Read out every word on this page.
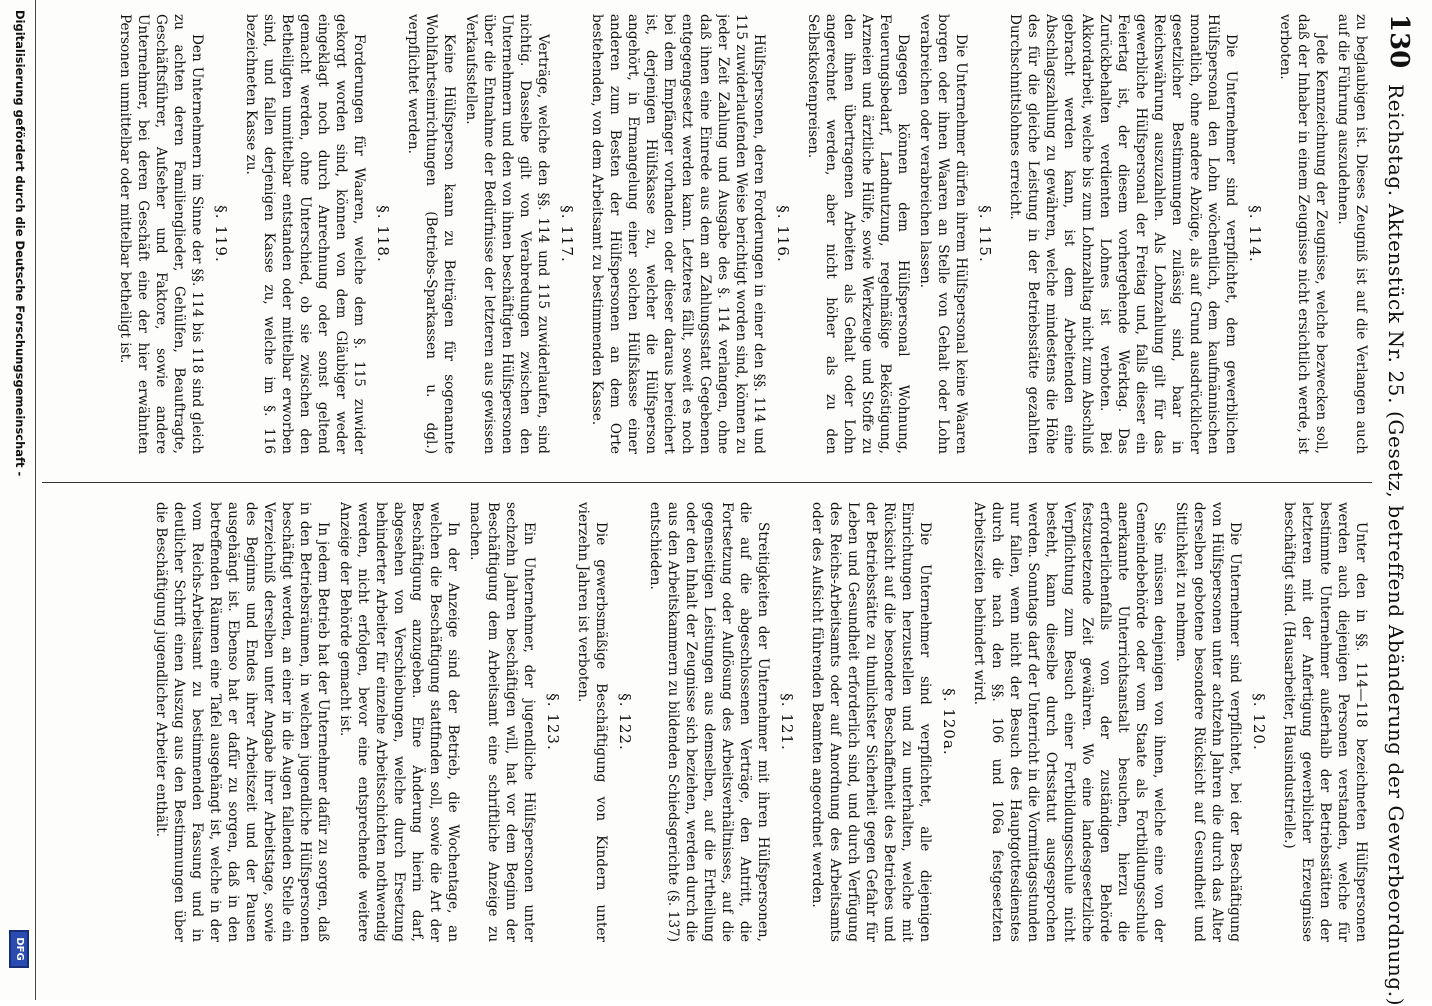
130
Reichstag. Aktenstück Nr. 25. (Gesetz, betreffend Abänderung der Gewerbeordnung.)

zu beglaubigen ist. Dieses Zeugniß ist auf die Verlangen auch auf die Führung auszudehnen.

Jede Kennzeichnung der Zeugnisse, welche bezwecken soll, daß der Inhaber in einem Zeugnisse nicht ersichtlich werde, ist verboten.

§. 114.

Die Unternehmer sind verpflichtet, dem gewerblichen Hülfspersonal den Lohn wöchentlich, dem kaufmännischen monatlich, ohne andere Abzüge, als auf Grund ausdrücklicher gesetzlicher Bestimmungen zulässig sind, baar in Reichswährung auszuzahlen. Als Lohnzahlung gilt für das gewerbliche Hülfspersonal der Freitag und, falls dieser ein Feiertag ist, der diesem vorhergehende Werktag. Das Zurückbehalten verdienten Lohnes ist verboten. Bei Akkordarbeit, welche bis zum Lohnzahltag nicht zum Abschluß gebracht werden kann, ist dem Arbeitenden eine Abschlagszahlung zu gewähren, welche mindestens die Höhe des für die gleiche Leistung in der Betriebsstätte gezahlten Durchschnittslohnes erreicht.

§. 115.

Die Unternehmer dürfen ihrem Hülfspersonal keine Waaren borgen oder ihnen Waaren an Stelle von Gehalt oder Lohn verabreichen oder verabreichen lassen.

Dagegen können dem Hülfspersonal Wohnung, Feuerungsbedarf, Landnutzung, regelmäßige Beköstigung, Arzneien und ärztliche Hülfe, sowie Werkzeuge und Stoffe zu den ihnen übertragenen Arbeiten als Gehalt oder Lohn angerechnet werden, aber nicht höher als zu den Selbstkostenpreisen.

§. 116.

Hülfspersonen, deren Forderungen in einer den §§. 114 und 115 zuwiderlaufenden Weise berichtigt worden sind, können zu jeder Zeit Zahlung und Ausgabe des §. 114 verlangen, ohne daß ihnen eine Einrede aus dem an Zahlungsstatt Gegebenen entgegengesetzt werden kann. Letzteres fällt, soweit es noch bei dem Empfänger vorhanden oder dieser daraus bereichert ist, derjenigen Hülfskasse zu, welcher die Hülfsperson angehört, in Ermangelung einer solchen Hülfskasse einer anderen zum Besten der Hülfspersonen an dem Orte bestehenden, von dem Arbeitsamt zu bestimmenden Kasse.

§. 117.

Verträge, welche den §§. 114 und 115 zuwiderlaufen, sind nichtig. Dasselbe gilt von Verabredungen zwischen den Unternehmern und den von ihnen beschäftigten Hülfspersonen über die Entnahme der Bedürfnisse der letzteren aus gewissen Verkaufsstellen.

Keine Hülfsperson kann zu Beiträgen für sogenannte Wohlfahrtseinrichtungen (Betriebs-Sparkassen u. dgl.) verpflichtet werden.

§. 118.

Forderungen für Waaren, welche dem §. 115 zuwider gekorgt worden sind, können von dem Gläubiger weder eingeklagt noch durch Anrechnung oder sonst geltend gemacht werden, ohne Unterschied, ob sie zwischen den Betheiligten unmittelbar entstanden oder mittelbar erworben sind, und fallen derjenigen Kasse zu, welche im §. 116 bezeichneten Kasse zu.

§. 119.

Den Unternehmern im Sinne der §§. 114 bis 118 sind gleich zu achten deren Familienglieder, Gehülfen, Beauftragte, Geschäftsführer, Aufseher und Faktore, sowie andere Unternehmer, bei deren Geschäft eine der hier erwähnten Personen unmittelbar oder mittelbar betheiligt ist.

Unter den in §§. 114—118 bezeichneten Hülfspersonen werden auch diejenigen Personen verstanden, welche für bestimmte Unternehmer außerhalb der Betriebsstätten der letzteren mit der Anfertigung gewerblicher Erzeugnisse beschäftigt sind. (Hausarbeiter, Hausindustrielle.)

§. 120.

Die Unternehmer sind verpflichtet, bei der Beschäftigung von Hülfspersonen unter achtzehn Jahren die durch das Alter derselben gebotene besondere Rücksicht auf Gesundheit und Sittlichkeit zu nehmen.

Sie müssen denjenigen von ihnen, welche eine von der Gemeindebehörde oder vom Staate als Fortbildungsschule anerkannte Unterrichtsanstalt besuchen, hierzu die erforderlichenfalls von der zuständigen Behörde festzusetzende Zeit gewähren. Wo eine landesgesetzliche Verpflichtung zum Besuch einer Fortbildungsschule nicht besteht, kann dieselbe durch Ortsstatut ausgesprochen werden. Sonntags darf der Unterricht in die Vormittagsstunden nur fallen, wenn nicht der Besuch des Hauptgottesdienstes durch die nach den §§. 106 und 106a festgesetzten Arbeitszeiten behindert wird.

§. 120a.

Die Unternehmer sind verpflichtet, alle diejenigen Einrichtungen herzustellen und zu unterhalten, welche mit Rücksicht auf die besondere Beschaffenheit des Betriebes und der Betriebsstätte zu thunlichster Sicherheit gegen Gefahr für Leben und Gesundheit erforderlich sind, und durch Verfügung des Reichs-Arbeitsamts oder auf Anordnung des Arbeitsamts oder des Aufsicht führenden Beamten angeordnet werden.

§. 121.

Streitigkeiten der Unternehmer mit ihren Hülfspersonen, die auf die abgeschlossenen Verträge, den Antritt, die Fortsetzung oder Auflösung des Arbeitsverhältnisses, auf die gegenseitigen Leistungen aus demselben, auf die Ertheilung oder den Inhalt der Zeugnisse sich beziehen, werden durch die aus den Arbeitskammern zu bildenden Schiedsgerichte (§. 137) entschieden.

§. 122.

Die gewerbsmäßige Beschäftigung von Kindern unter vierzehn Jahren ist verboten.

§. 123.

Ein Unternehmer, der jugendliche Hülfspersonen unter sechzehn Jahren beschäftigen will, hat vor dem Beginn der Beschäftigung dem Arbeitsamt eine schriftliche Anzeige zu machen.

In der Anzeige sind der Betrieb, die Wochentage, an welchen die Beschäftigung stattfinden soll, sowie die Art der Beschäftigung anzugeben. Eine Änderung hierin darf, abgesehen von Verschiebungen, welche durch Ersetzung behinderter Arbeiter für einzelne Arbeitsschichten nothwendig werden, nicht erfolgen, bevor eine entsprechende weitere Anzeige der Behörde gemacht ist.

In jedem Betrieb hat der Unternehmer dafür zu sorgen, daß in den Betriebsräumen, in welchen jugendliche Hülfspersonen beschäftigt werden, an einer in die Augen fallenden Stelle ein Verzeichniß derselben unter Angabe ihrer Arbeitstage, sowie des Beginns und Endes ihrer Arbeitszeit und der Pausen ausgehängt ist. Ebenso hat er dafür zu sorgen, daß in den betreffenden Räumen eine Tafel ausgehängt ist, welche in der vom Reichs-Arbeitsamt zu bestimmenden Fassung und in deutlicher Schrift einen Auszug aus den Bestimmungen über die Beschäftigung jugendlicher Arbeiter enthält.

Digitalisierung gefördert durch die Deutsche Forschungsgemeinschaft -
DFG
